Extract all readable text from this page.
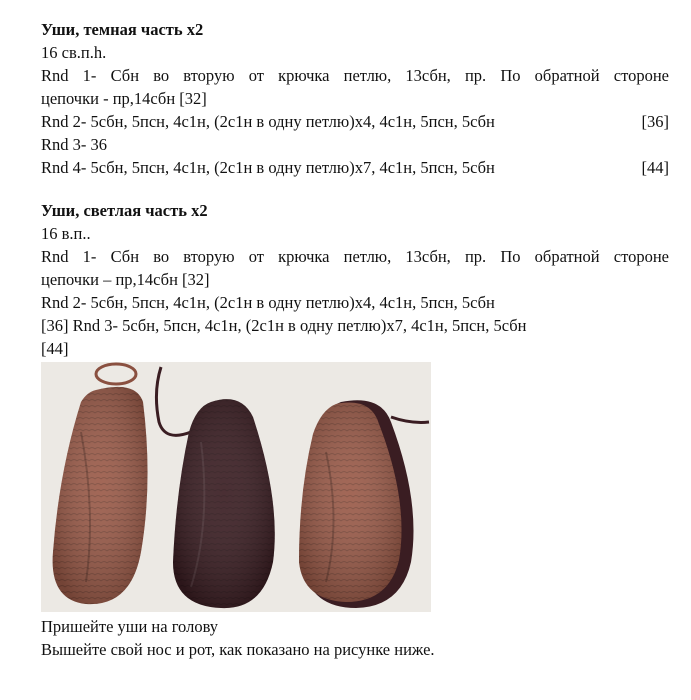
Уши, темная часть х2
16 св.п.h.
Rnd 1- Сбн во вторую от крючка петлю, 13сбн, пр. По обратной стороне
цепочки - пр,14сбн [32]
Rnd 2- 5сбн, 5псн, 4с1н, (2с1н в одну петлю)х4, 4с1н, 5псн, 5сбн	[36]
Rnd 3- 36
Rnd 4- 5сбн, 5псн, 4с1н, (2с1н в одну петлю)х7, 4с1н, 5псн, 5сбн	[44]
Уши, светлая часть х2
16 в.п..
Rnd 1- Сбн во вторую от крючка петлю, 13сбн, пр. По обратной стороне
цепочки – пр,14сбн [32]
Rnd 2- 5сбн, 5псн, 4с1н, (2с1н в одну петлю)х4, 4с1н, 5псн, 5сбн
[36] Rnd 3- 5сбн, 5псн, 4с1н, (2с1н в одну петлю)х7, 4с1н, 5псн, 5сбн
[44]
Пришейте уши на голову
Вышейте свой нос и рот, как показано на рисунке ниже.
